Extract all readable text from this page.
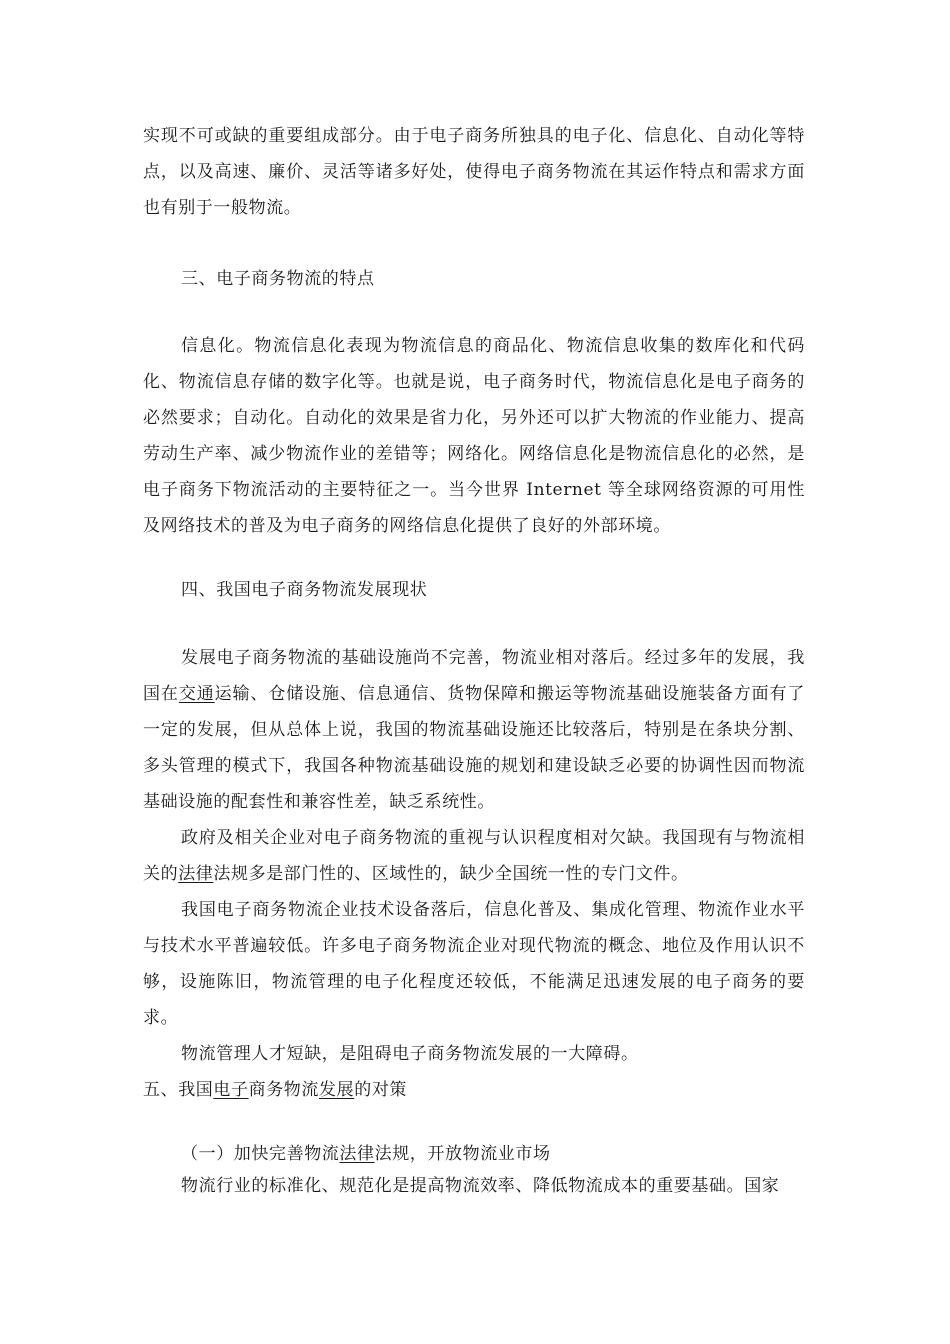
实现不可或缺的重要组成部分。由于电子商务所独具的电子化、信息化、自动化等特点，以及高速、廉价、灵活等诸多好处，使得电子商务物流在其运作特点和需求方面也有别于一般物流。

三、电子商务物流的特点

信息化。物流信息化表现为物流信息的商品化、物流信息收集的数库化和代码化、物流信息存储的数字化等。也就是说，电子商务时代，物流信息化是电子商务的必然要求；自动化。自动化的效果是省力化，另外还可以扩大物流的作业能力、提高劳动生产率、减少物流作业的差错等；网络化。网络信息化是物流信息化的必然，是电子商务下物流活动的主要特征之一。当今世界 Internet 等全球网络资源的可用性及网络技术的普及为电子商务的网络信息化提供了良好的外部环境。

四、我国电子商务物流发展现状

发展电子商务物流的基础设施尚不完善，物流业相对落后。经过多年的发展，我国在交通运输、仓储设施、信息通信、货物保障和搬运等物流基础设施装备方面有了一定的发展，但从总体上说，我国的物流基础设施还比较落后，特别是在条块分割、多头管理的模式下，我国各种物流基础设施的规划和建设缺乏必要的协调性因而物流基础设施的配套性和兼容性差，缺乏系统性。

政府及相关企业对电子商务物流的重视与认识程度相对欠缺。我国现有与物流相关的法律法规多是部门性的、区域性的，缺少全国统一性的专门文件。

我国电子商务物流企业技术设备落后，信息化普及、集成化管理、物流作业水平与技术水平普遍较低。许多电子商务物流企业对现代物流的概念、地位及作用认识不够，设施陈旧，物流管理的电子化程度还较低，不能满足迅速发展的电子商务的要求。

物流管理人才短缺，是阻碍电子商务物流发展的一大障碍。

五、我国电子商务物流发展的对策

（一）加快完善物流法律法规，开放物流业市场

物流行业的标准化、规范化是提高物流效率、降低物流成本的重要基础。国家
